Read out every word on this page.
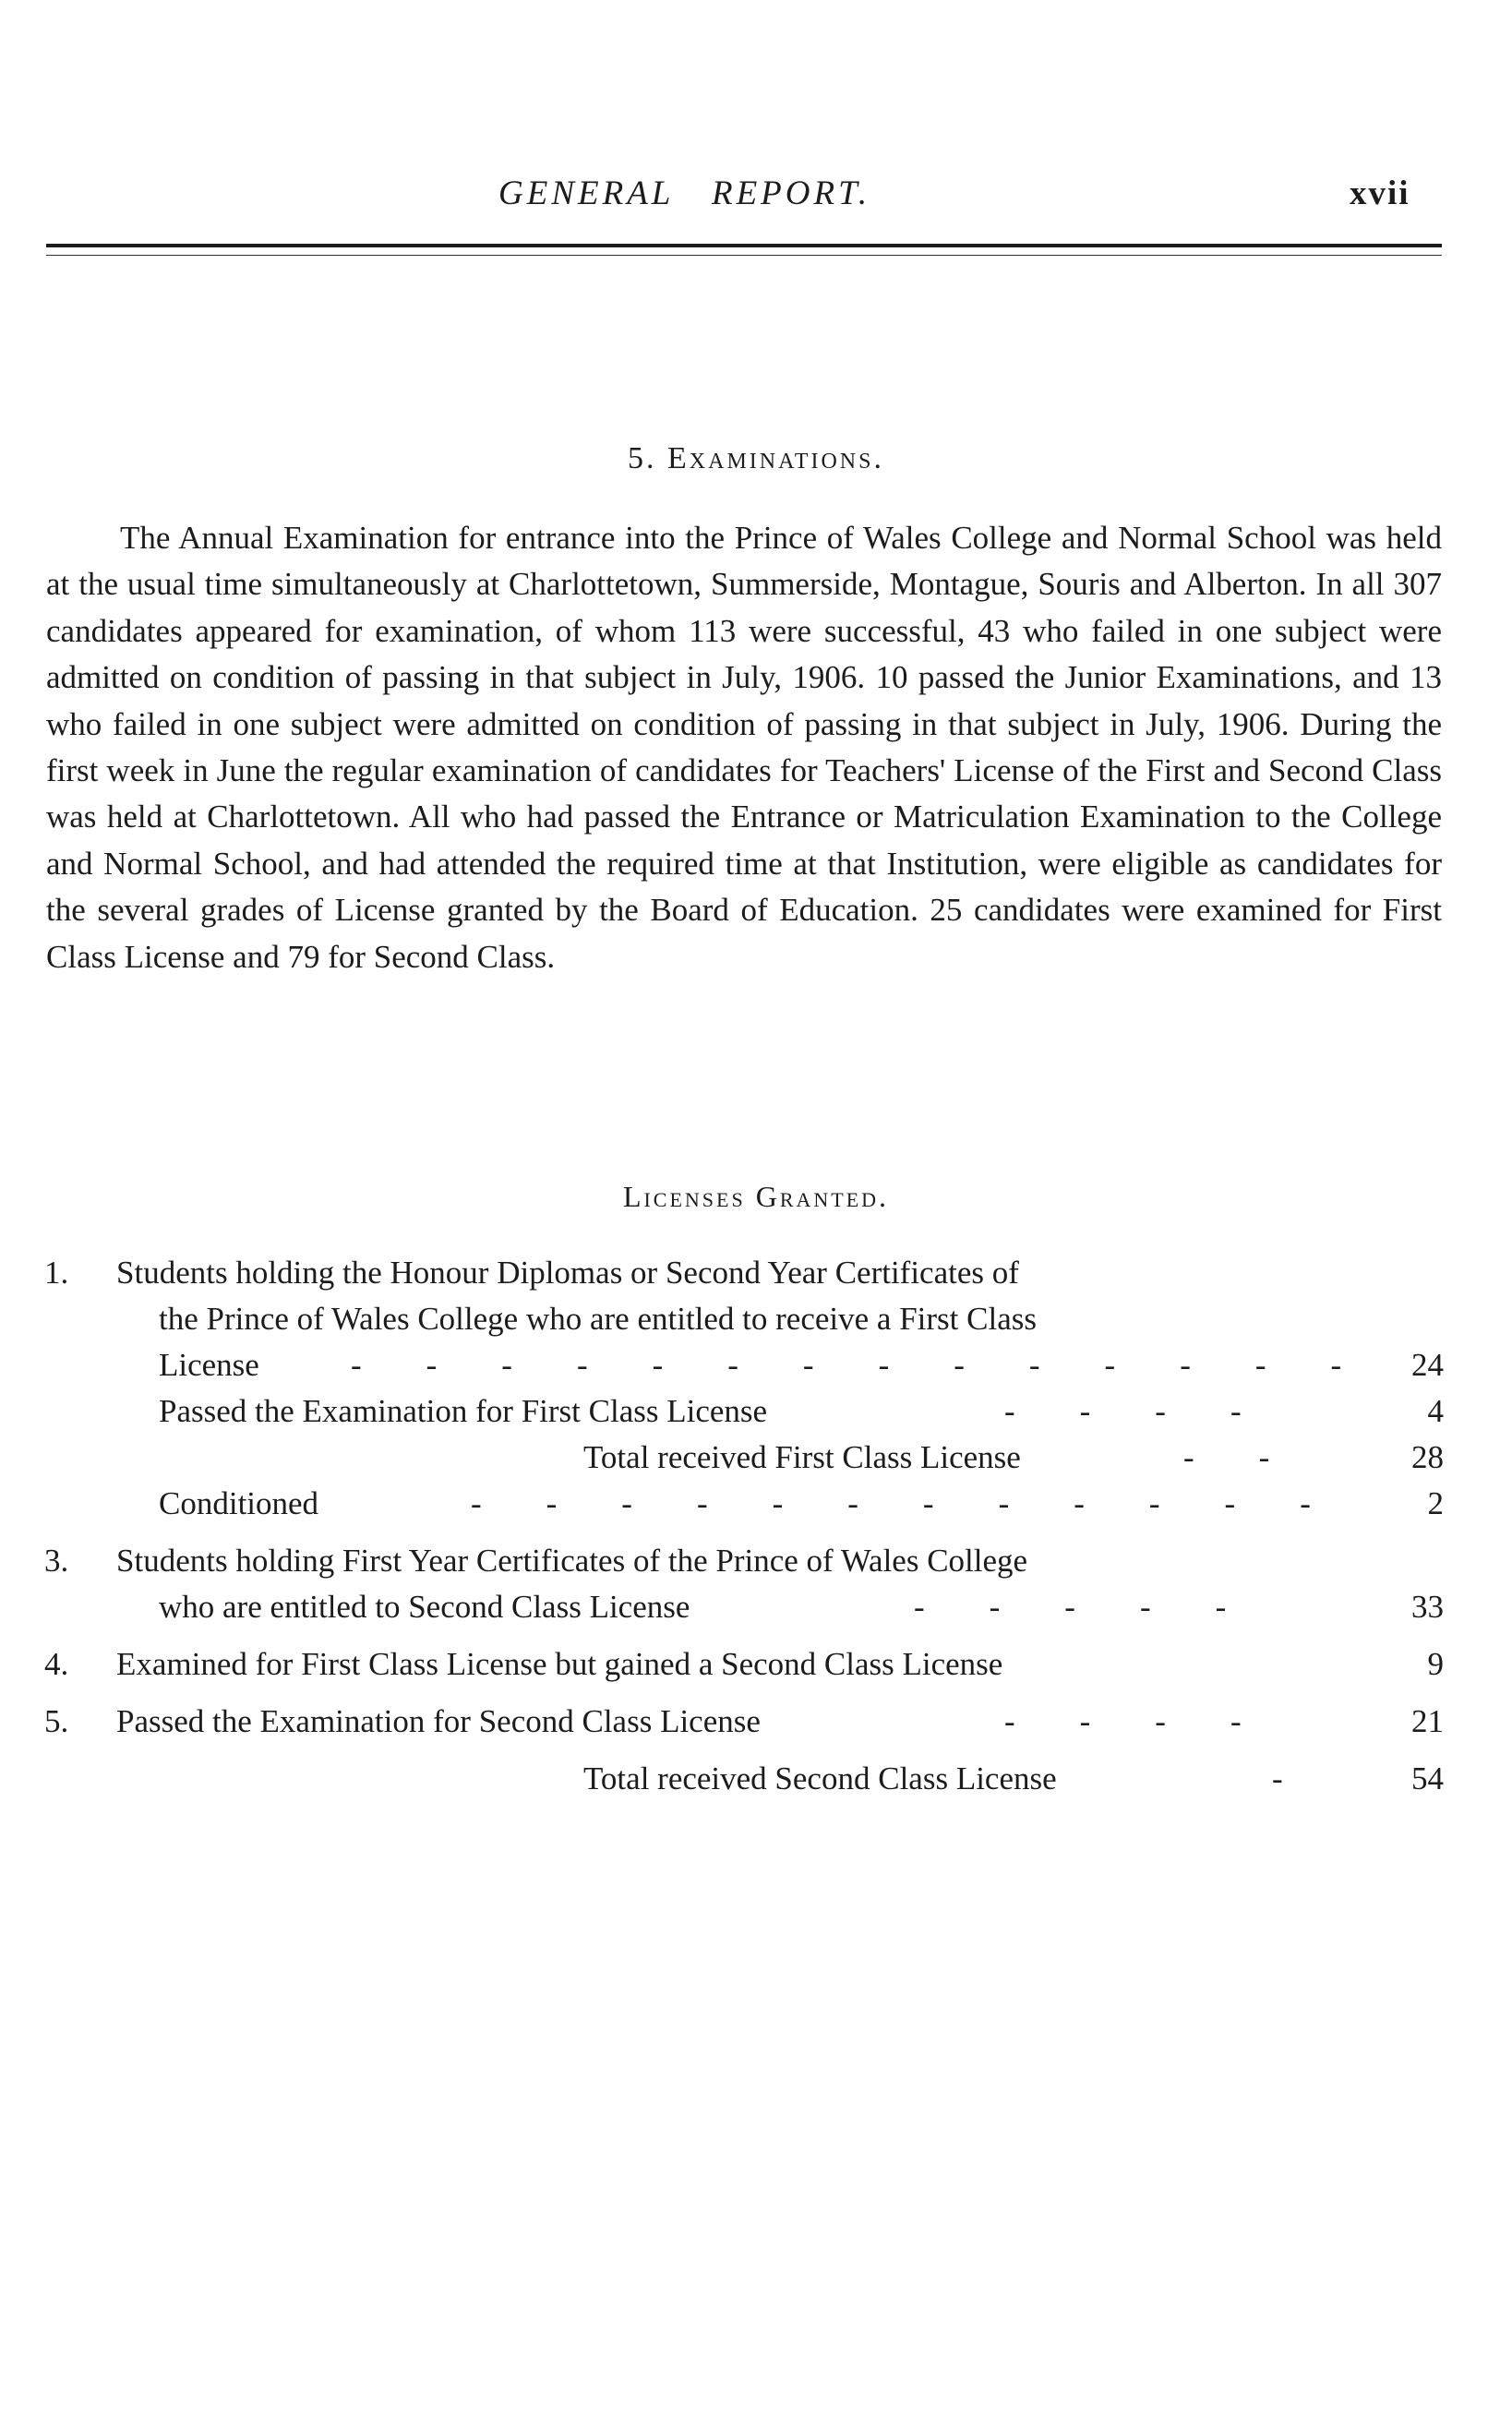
GENERAL REPORT.	xvii
5. Examinations.

The Annual Examination for entrance into the Prince of Wales College and Normal School was held at the usual time simultaneously at Charlottetown, Summerside, Montague, Souris and Alberton. In all 307 candidates appeared for examination, of whom 113 were successful, 43 who failed in one subject were admitted on condition of passing in that subject in July, 1906. 10 passed the Junior Examinations, and 13 who failed in one subject were admitted on condition of passing in that subject in July, 1906. During the first week in June the regular examination of candidates for Teachers' License of the First and Second Class was held at Charlottetown. All who had passed the Entrance or Matriculation Examination to the College and Normal School, and had attended the required time at that Institution, were eligible as candidates for the several grades of License granted by the Board of Education. 25 candidates were examined for First Class License and 79 for Second Class.

Licenses Granted.
1. Students holding the Honour Diplomas or Second Year Certificates of
the Prince of Wales College who are entitled to receive a First Class
License	-        -        -        -        -        -        -        -        -        -        -        -        -        - 24
Passed the Examination for First Class License	-        -        -        -	4
Total received First Class License	-        -	28
Conditioned	-        -        -        -        -        -        -        -        -        -        -        -	2
3. Students holding First Year Certificates of the Prince of Wales College
who are entitled to Second Class License	-        -        -        -        -	33
4. Examined for First Class License but gained a Second Class License	9
5. Passed the Examination for Second Class License	-        -        -        -	21
Total received Second Class License	-	54
